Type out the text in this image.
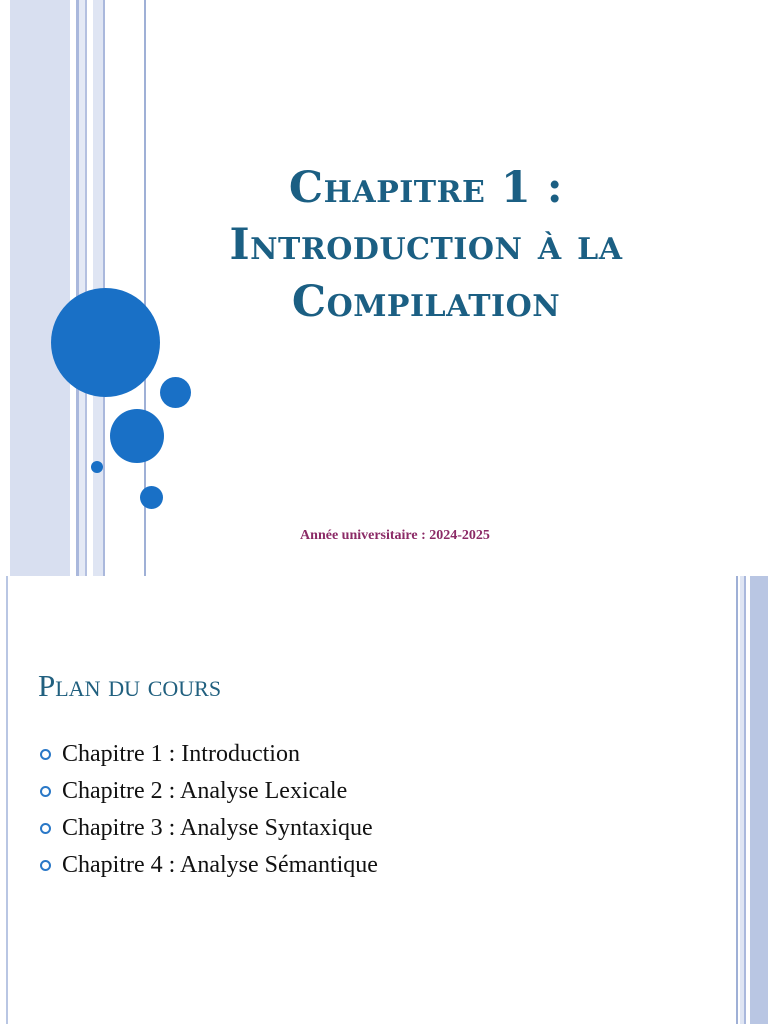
Chapitre 1 :
Introduction à la
Compilation
Année universitaire : 2024-2025
Plan du cours
Chapitre 1 : Introduction
Chapitre 2 : Analyse Lexicale
Chapitre 3 : Analyse Syntaxique
Chapitre 4 : Analyse Sémantique
